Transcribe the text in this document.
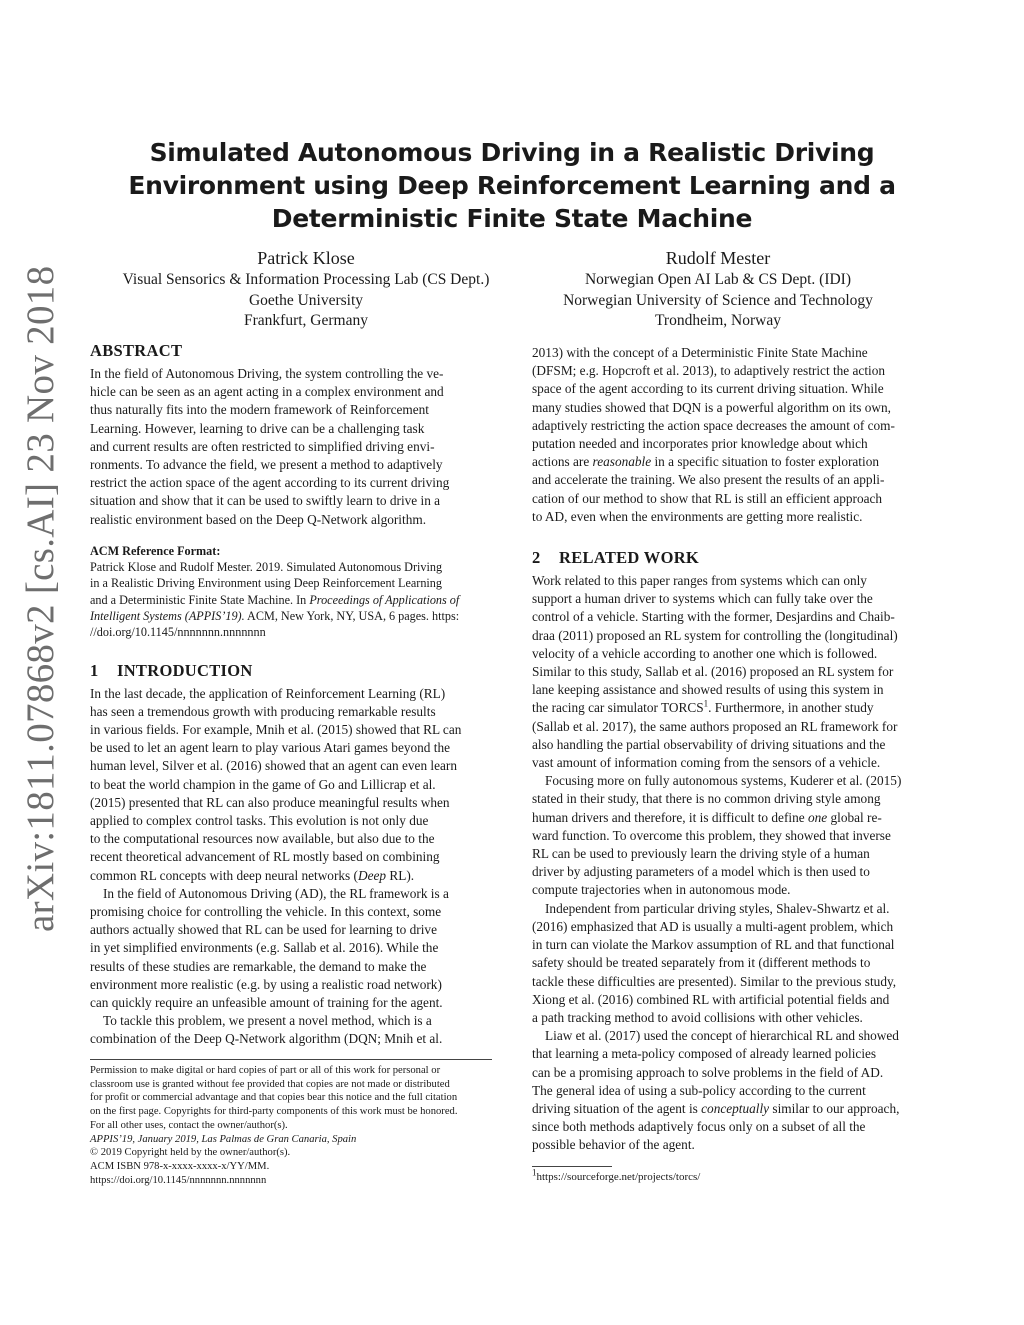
Simulated Autonomous Driving in a Realistic Driving
Environment using Deep Reinforcement Learning and a
Deterministic Finite State Machine
Patrick Klose
Visual Sensorics & Information Processing Lab (CS Dept.)
Goethe University
Frankfurt, Germany
Rudolf Mester
Norwegian Open AI Lab & CS Dept. (IDI)
Norwegian University of Science and Technology
Trondheim, Norway
arXiv:1811.07868v2 [cs.AI] 23 Nov 2018 ABSTRACT

In the field of Autonomous Driving, the system controlling the ve-

hicle can be seen as an agent acting in a complex environment and

thus naturally fits into the modern framework of Reinforcement

Learning. However, learning to drive can be a challenging task

and current results are often restricted to simplified driving envi-

ronments. To advance the field, we present a method to adaptively

restrict the action space of the agent according to its current driving

situation and show that it can be used to swiftly learn to drive in a

realistic environment based on the Deep Q-Network algorithm.

ACM Reference Format:

Patrick Klose and Rudolf Mester. 2019. Simulated Autonomous Driving

in a Realistic Driving Environment using Deep Reinforcement Learning

and a Deterministic Finite State Machine. In Proceedings of Applications of

Intelligent Systems (APPIS’19). ACM, New York, NY, USA, 6 pages. https:

//doi.org/10.1145/nnnnnnn.nnnnnnn

1 INTRODUCTION

In the last decade, the application of Reinforcement Learning (RL)

has seen a tremendous growth with producing remarkable results

in various fields. For example, Mnih et al. (2015) showed that RL can

be used to let an agent learn to play various Atari games beyond the

human level, Silver et al. (2016) showed that an agent can even learn

to beat the world champion in the game of Go and Lillicrap et al.

(2015) presented that RL can also produce meaningful results when

applied to complex control tasks. This evolution is not only due

to the computational resources now available, but also due to the

recent theoretical advancement of RL mostly based on combining

common RL concepts with deep neural networks (Deep RL).

In the field of Autonomous Driving (AD), the RL framework is a

promising choice for controlling the vehicle. In this context, some

authors actually showed that RL can be used for learning to drive

in yet simplified environments (e.g. Sallab et al. 2016). While the

results of these studies are remarkable, the demand to make the

environment more realistic (e.g. by using a realistic road network)

can quickly require an unfeasible amount of training for the agent.

To tackle this problem, we present a novel method, which is a

combination of the Deep Q-Network algorithm (DQN; Mnih et al.

Permission to make digital or hard copies of part or all of this work for personal or

classroom use is granted without fee provided that copies are not made or distributed

for profit or commercial advantage and that copies bear this notice and the full citation

on the first page. Copyrights for third-party components of this work must be honored.

For all other uses, contact the owner/author(s).

APPIS’19, January 2019, Las Palmas de Gran Canaria, Spain

© 2019 Copyright held by the owner/author(s).

ACM ISBN 978-x-xxxx-xxxx-x/YY/MM.

https://doi.org/10.1145/nnnnnnn.nnnnnnn

2013) with the concept of a Deterministic Finite State Machine

(DFSM; e.g. Hopcroft et al. 2013), to adaptively restrict the action

space of the agent according to its current driving situation. While

many studies showed that DQN is a powerful algorithm on its own,

adaptively restricting the action space decreases the amount of com-

putation needed and incorporates prior knowledge about which

actions are reasonable in a specific situation to foster exploration

and accelerate the training. We also present the results of an appli-

cation of our method to show that RL is still an efficient approach

to AD, even when the environments are getting more realistic.

2 RELATED WORK

Work related to this paper ranges from systems which can only

support a human driver to systems which can fully take over the

control of a vehicle. Starting with the former, Desjardins and Chaib-

draa (2011) proposed an RL system for controlling the (longitudinal)

velocity of a vehicle according to another one which is followed.

Similar to this study, Sallab et al. (2016) proposed an RL system for

lane keeping assistance and showed results of using this system in

the racing car simulator TORCS$^1$. Furthermore, in another study

(Sallab et al. 2017), the same authors proposed an RL framework for

also handling the partial observability of driving situations and the

vast amount of information coming from the sensors of a vehicle.

Focusing more on fully autonomous systems, Kuderer et al. (2015)

stated in their study, that there is no common driving style among

human drivers and therefore, it is difficult to define one global re-

ward function. To overcome this problem, they showed that inverse

RL can be used to previously learn the driving style of a human

driver by adjusting parameters of a model which is then used to

compute trajectories when in autonomous mode.

Independent from particular driving styles, Shalev-Shwartz et al.

(2016) emphasized that AD is usually a multi-agent problem, which

in turn can violate the Markov assumption of RL and that functional

safety should be treated separately from it (different methods to

tackle these difficulties are presented). Similar to the previous study,

Xiong et al. (2016) combined RL with artificial potential fields and

a path tracking method to avoid collisions with other vehicles.

Liaw et al. (2017) used the concept of hierarchical RL and showed

that learning a meta-policy composed of already learned policies

can be a promising approach to solve problems in the field of AD.

The general idea of using a sub-policy according to the current

driving situation of the agent is conceptually similar to our approach,

since both methods adaptively focus only on a subset of all the

possible behavior of the agent.

$^1$https://sourceforge.net/projects/torcs/
